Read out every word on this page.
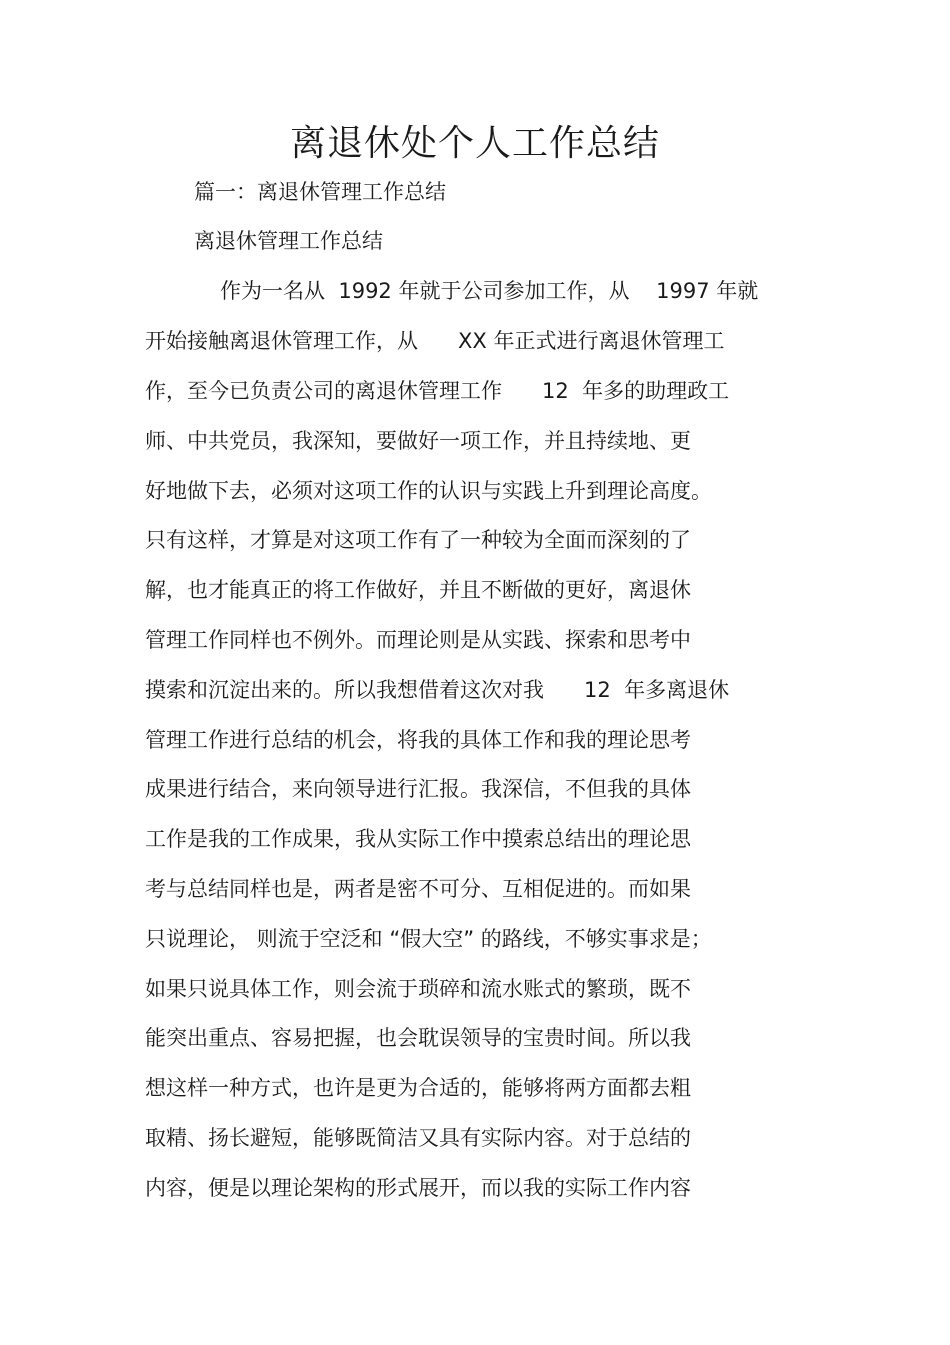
离退休处个人工作总结
篇一：离退休管理工作总结
离退休管理工作总结
作为一名从  1992 年就于公司参加工作，从    1997 年就
开始接触离退休管理工作，从      XX 年正式进行离退休管理工
作，至今已负责公司的离退休管理工作      12  年多的助理政工
师、中共党员，我深知，要做好一项工作，并且持续地、更
好地做下去，必须对这项工作的认识与实践上升到理论高度。
只有这样，才算是对这项工作有了一种较为全面而深刻的了
解，也才能真正的将工作做好，并且不断做的更好，离退休
管理工作同样也不例外。而理论则是从实践、探索和思考中
摸索和沉淀出来的。所以我想借着这次对我      12  年多离退休
管理工作进行总结的机会，将我的具体工作和我的理论思考
成果进行结合，来向领导进行汇报。我深信，不但我的具体
工作是我的工作成果，我从实际工作中摸索总结出的理论思
考与总结同样也是，两者是密不可分、互相促进的。而如果
只说理论， 则流于空泛和 “假大空” 的路线，不够实事求是；
如果只说具体工作，则会流于琐碎和流水账式的繁琐，既不
能突出重点、容易把握，也会耽误领导的宝贵时间。所以我
想这样一种方式，也许是更为合适的，能够将两方面都去粗
取精、扬长避短，能够既简洁又具有实际内容。对于总结的
内容，便是以理论架构的形式展开，而以我的实际工作内容
